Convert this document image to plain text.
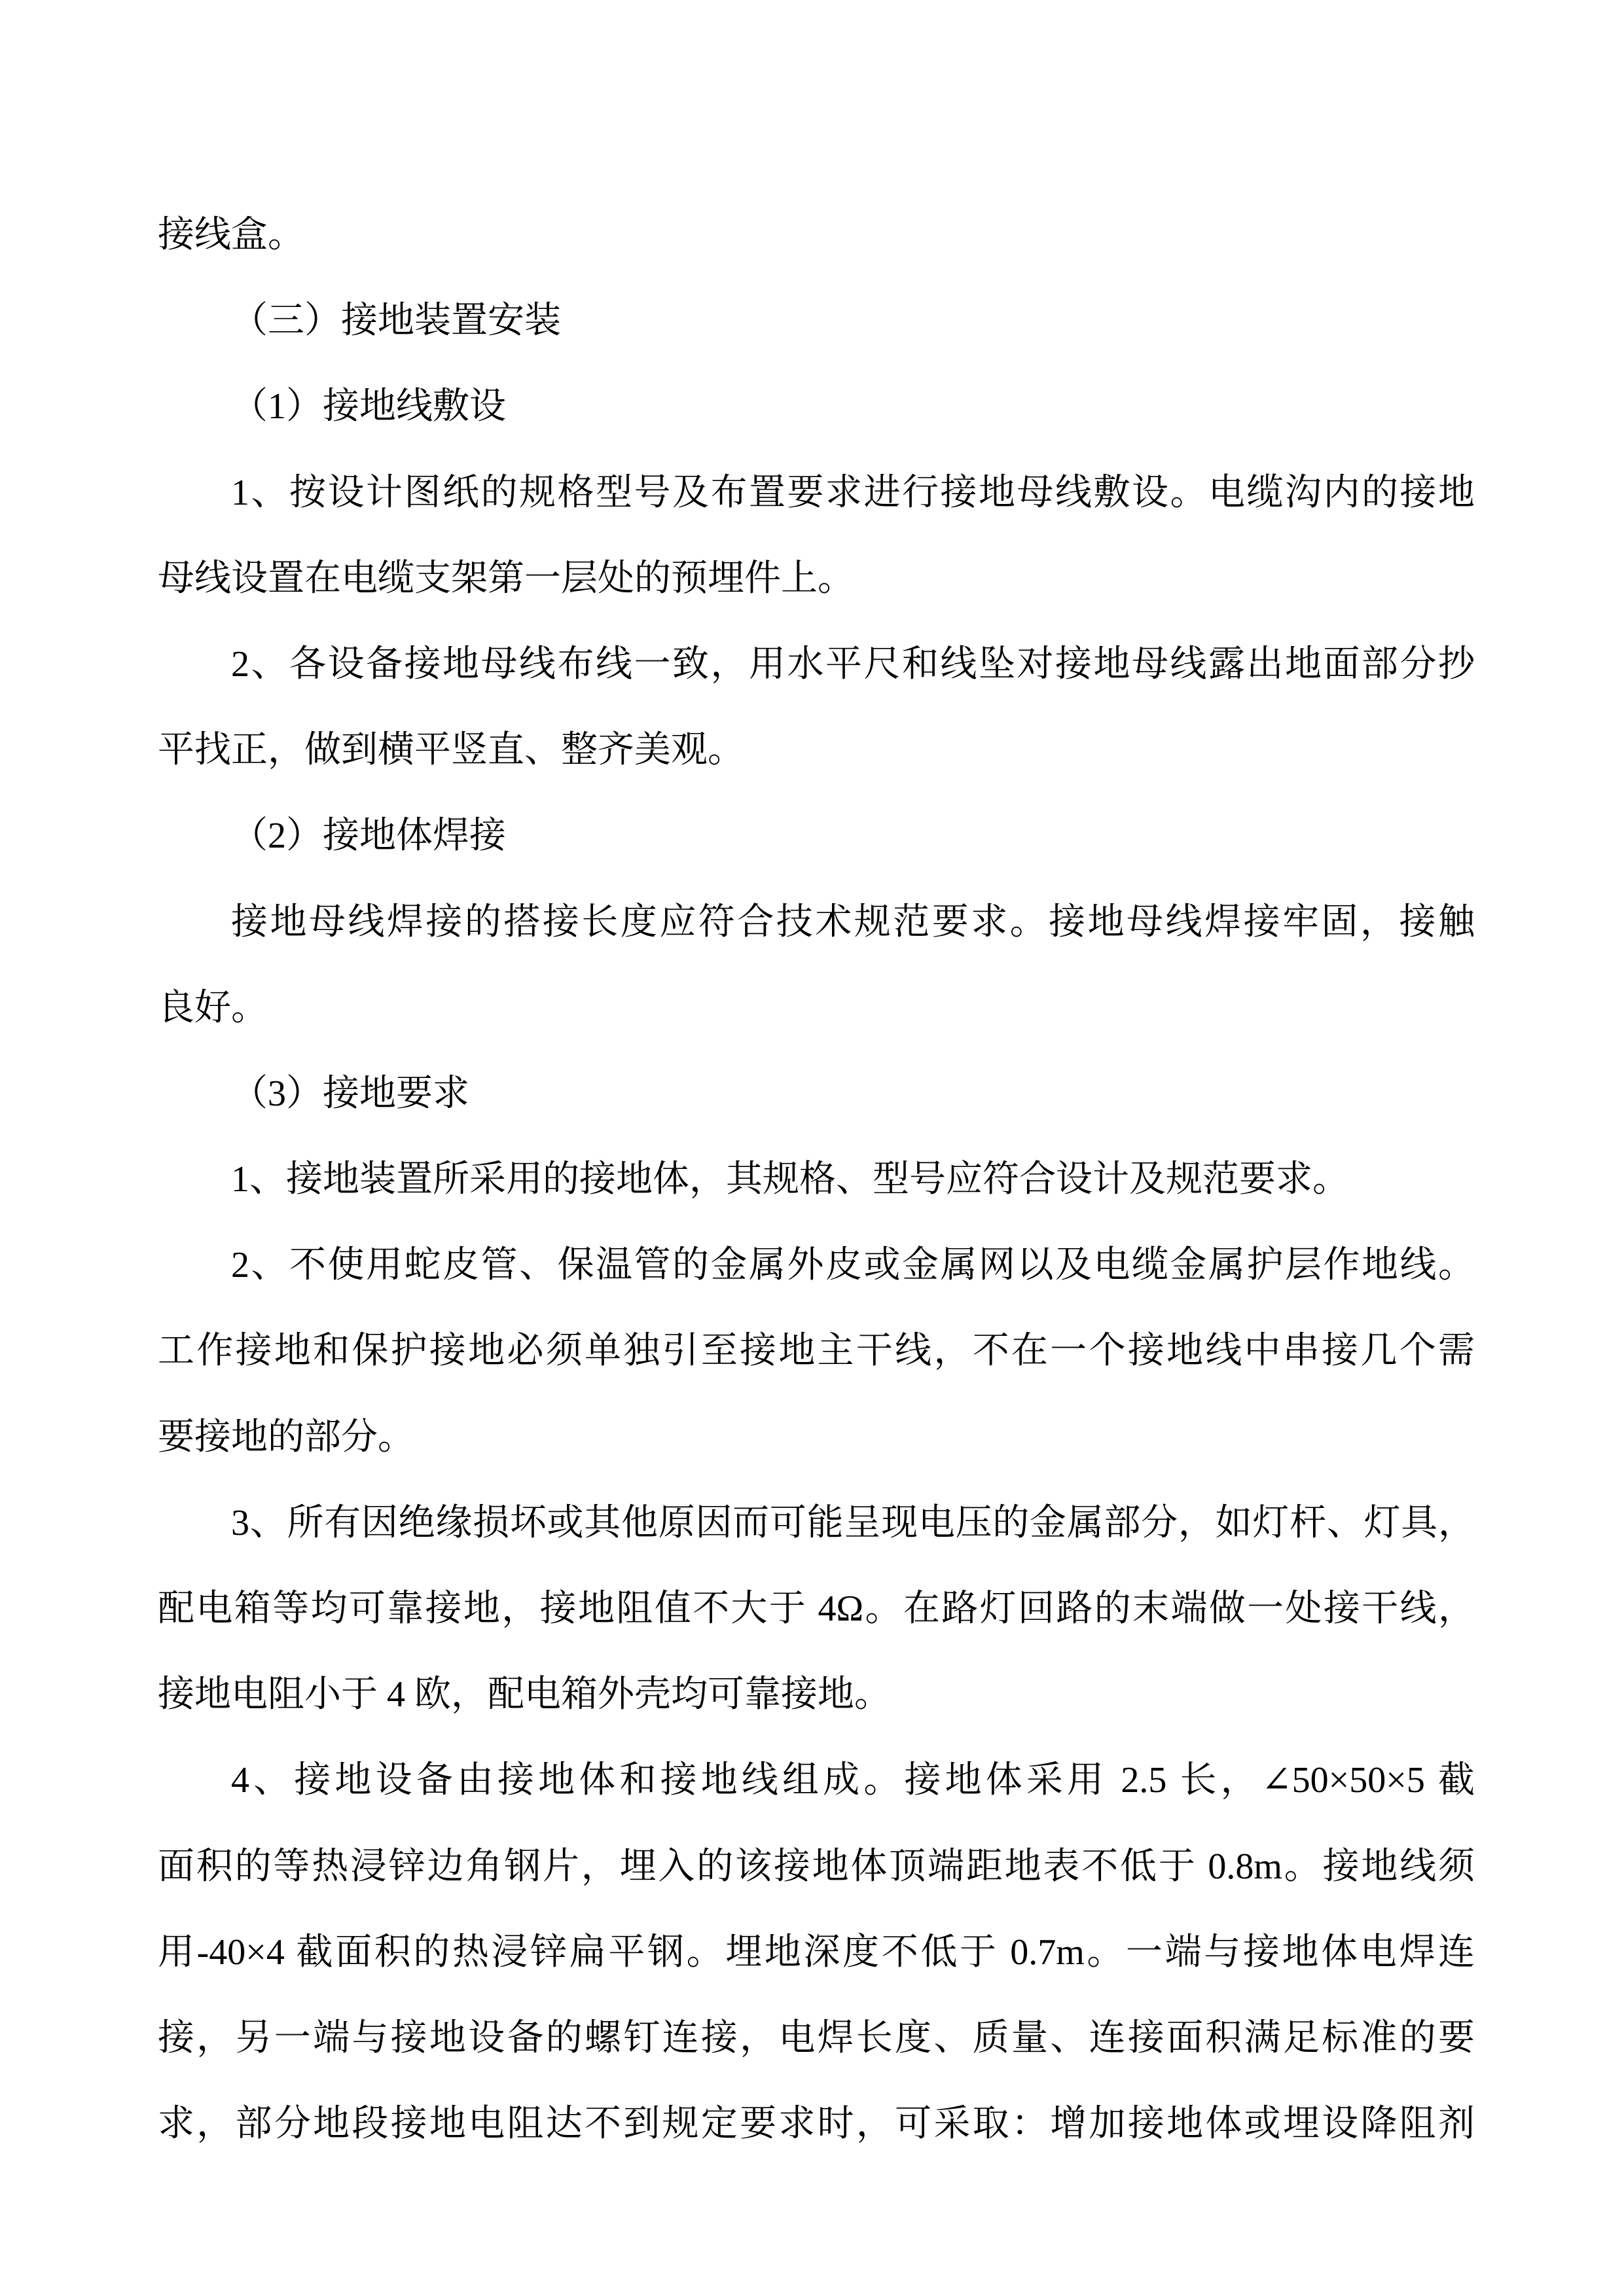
接线盒。
（三）接地装置安装
（1）接地线敷设
1、按设计图纸的规格型号及布置要求进行接地母线敷设。电缆沟内的接地
母线设置在电缆支架第一层处的预埋件上。
2、各设备接地母线布线一致，用水平尺和线坠对接地母线露出地面部分抄
平找正，做到横平竖直、整齐美观。
（2）接地体焊接
接地母线焊接的搭接长度应符合技术规范要求。接地母线焊接牢固，接触
良好。
（3）接地要求
1、接地装置所采用的接地体，其规格、型号应符合设计及规范要求。
2、不使用蛇皮管、保温管的金属外皮或金属网以及电缆金属护层作地线。
工作接地和保护接地必须单独引至接地主干线，不在一个接地线中串接几个需
要接地的部分。
3、所有因绝缘损坏或其他原因而可能呈现电压的金属部分，如灯杆、灯具，
配电箱等均可靠接地，接地阻值不大于 4Ω。在路灯回路的末端做一处接干线，
接地电阻小于 4 欧，配电箱外壳均可靠接地。
4、接地设备由接地体和接地线组成。接地体采用 2.5 长，∠50×50×5 截
面积的等热浸锌边角钢片，埋入的该接地体顶端距地表不低于 0.8m。接地线须
用-40×4 截面积的热浸锌扁平钢。埋地深度不低于 0.7m。一端与接地体电焊连
接，另一端与接地设备的螺钉连接，电焊长度、质量、连接面积满足标准的要
求，部分地段接地电阻达不到规定要求时，可采取：增加接地体或埋设降阻剂
